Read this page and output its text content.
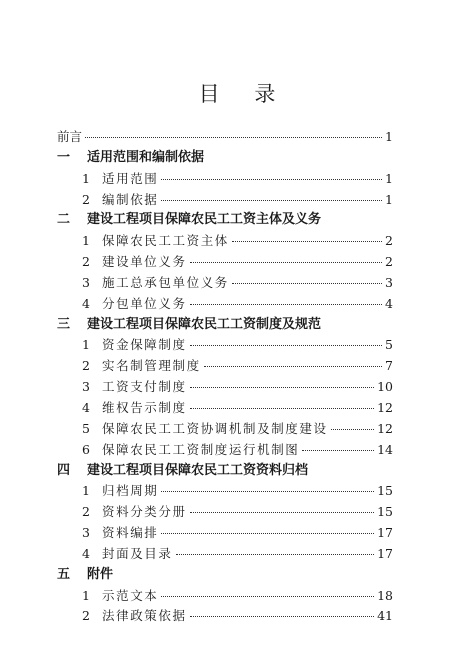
目 录
前言	1
一 适用范围和编制依据
1 适用范围	1
2 编制依据	1
二 建设工程项目保障农民工工资主体及义务
1 保障农民工工资主体	2
2 建设单位义务	2
3 施工总承包单位义务	3
4 分包单位义务	4
三 建设工程项目保障农民工工资制度及规范
1 资金保障制度	5
2 实名制管理制度	7
3 工资支付制度	10
4 维权告示制度	12
5 保障农民工工资协调机制及制度建设	12
6 保障农民工工资制度运行机制图	14
四 建设工程项目保障农民工工资资料归档
1 归档周期	15
2 资料分类分册	15
3 资料编排	17
4 封面及目录	17
五 附件
1 示范文本	18
2 法律政策依据	41
